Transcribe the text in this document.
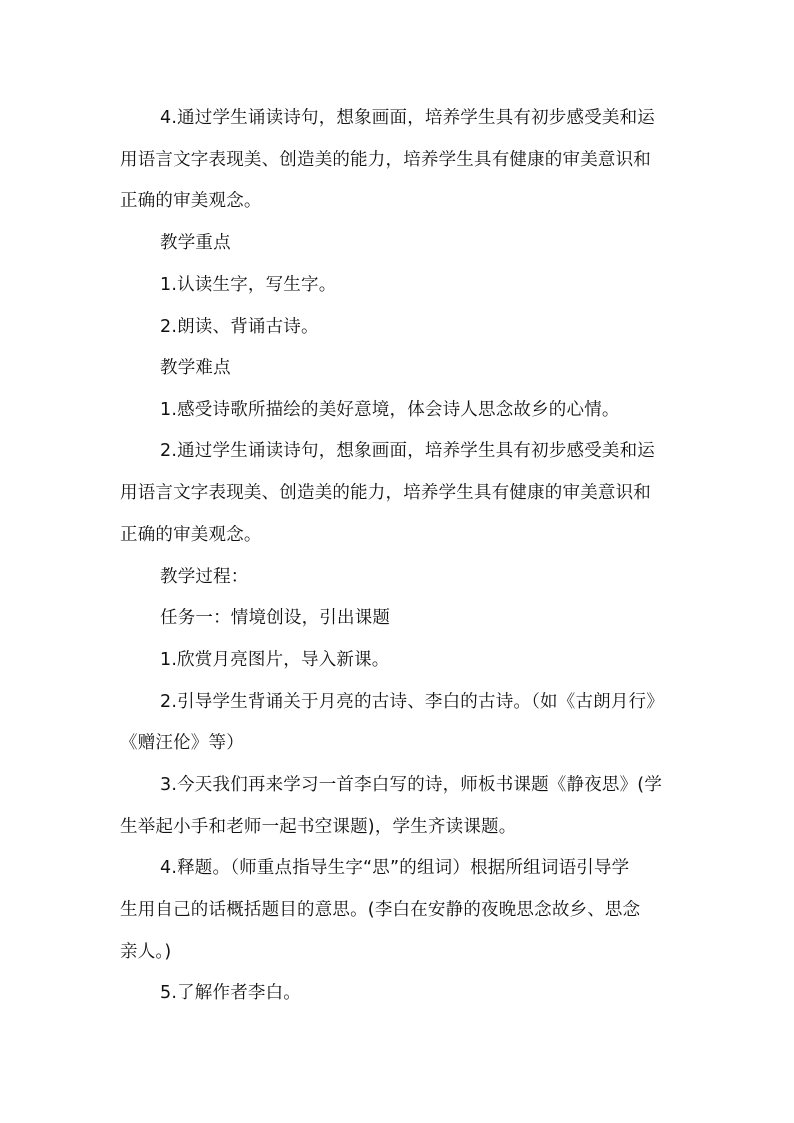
4.通过学生诵读诗句，想象画面，培养学生具有初步感受美和运
用语言文字表现美、创造美的能力，培养学生具有健康的审美意识和
正确的审美观念。
教学重点
1.认读生字，写生字。
2.朗读、背诵古诗。
教学难点
1.感受诗歌所描绘的美好意境，体会诗人思念故乡的心情。
2.通过学生诵读诗句，想象画面，培养学生具有初步感受美和运
用语言文字表现美、创造美的能力，培养学生具有健康的审美意识和
正确的审美观念。
教学过程：
任务一：情境创设，引出课题
1.欣赏月亮图片，导入新课。
2.引导学生背诵关于月亮的古诗、李白的古诗。（如《古朗月行》
《赠汪伦》等）
3.今天我们再来学习一首李白写的诗，师板书课题《静夜思》(学
生举起小手和老师一起书空课题)，学生齐读课题。
4.释题。（师重点指导生字“思”的组词）根据所组词语引导学
生用自己的话概括题目的意思。(李白在安静的夜晚思念故乡、思念
亲人。)
5.了解作者李白。
